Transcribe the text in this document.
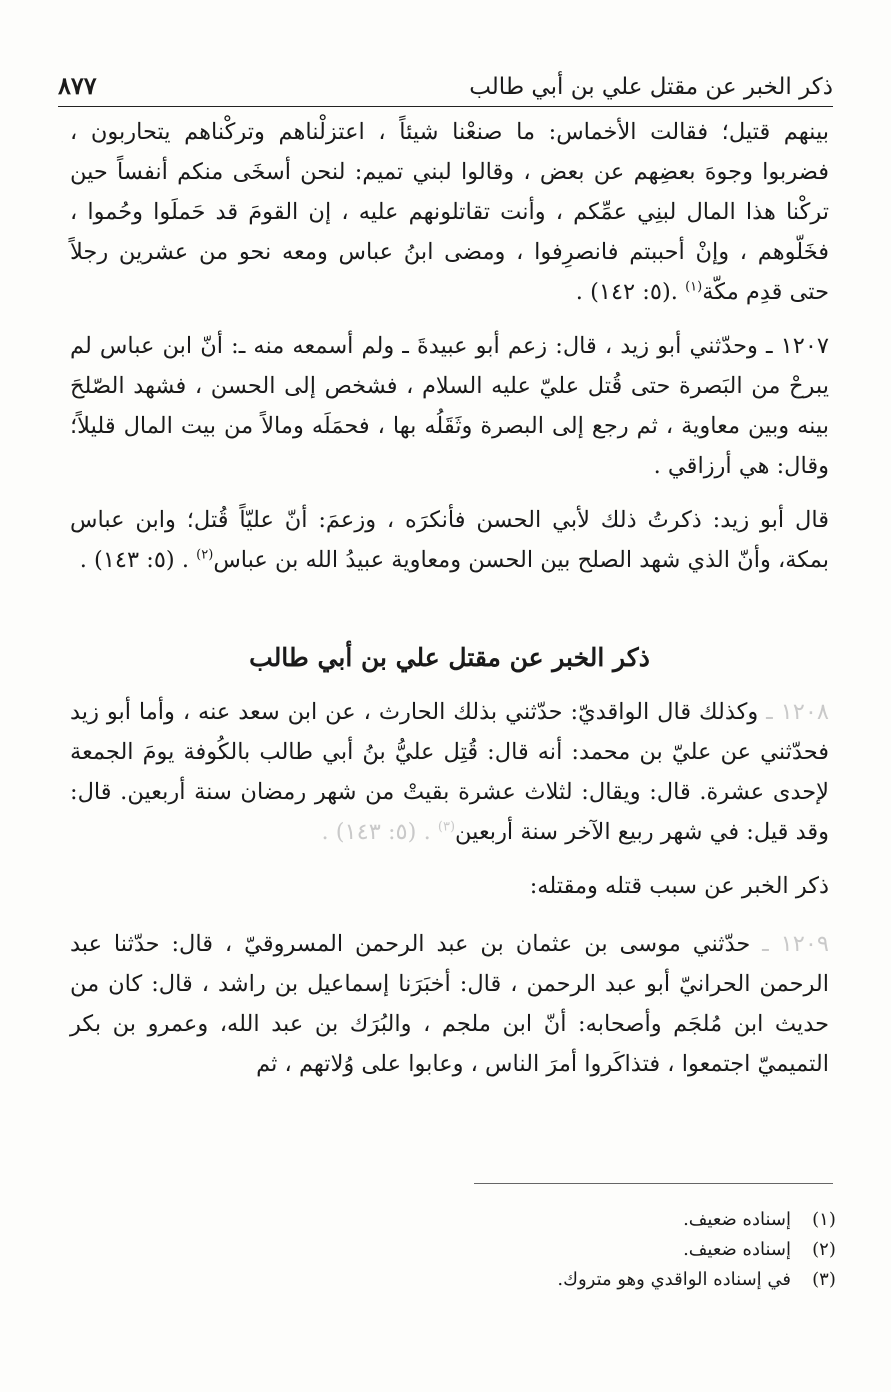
ذكر الخبر عن مقتل علي بن أبي طالب
٨٧٧

بينهم قتيل؛ فقالت الأخماس: ما صنعْنا شيئاً ، اعتزلْناهم وتركْناهم يتحاربون ، فضربوا وجوهَ بعضِهم عن بعض ، وقالوا لبني تميم: لنحن أسخَى منكم أنفساً حين تركْنا هذا المال لبنِي عمِّكم ، وأنت تقاتلونهم عليه ، إن القومَ قد حَملَوا وحُموا ، فخَلّوهم ، وإنْ أحببتم فانصرِفوا ، ومضى ابنُ عباس ومعه نحو من عشرين رجلاً حتى قدِم مكّة$^{(١)}$ .(٥: ١٤٢) .

١٢٠٧ ـ وحدّثني أبو زيد ، قال: زعم أبو عبيدةَ ـ ولم أسمعه منه ـ: أنّ ابن عباس لم يبرحْ من البَصرة حتى قُتل عليّ عليه السلام ، فشخص إلى الحسن ، فشهد الصّلحَ بينه وبين معاوية ، ثم رجع إلى البصرة وثَقَلُه بها ، فحمَلَه ومالاً من بيت المال قليلاً؛ وقال: هي أرزاقي .

قال أبو زيد: ذكرتُ ذلك لأبي الحسن فأنكرَه ، وزعمَ: أنّ عليّاً قُتل؛ وابن عباس بمكة، وأنّ الذي شهد الصلح بين الحسن ومعاوية عبيدُ الله بن عباس$^{(٢)}$ . (٥: ١٤٣) .

ذكر الخبر عن مقتل علي بن أبي طالب

١٢٠٨ ـ وكذلك قال الواقديّ: حدّثني بذلك الحارث ، عن ابن سعد عنه ، وأما أبو زيد فحدّثني عن عليّ بن محمد: أنه قال: قُتِل عليُّ بنُ أبي طالب بالكُوفة يومَ الجمعة لإحدى عشرة. قال: ويقال: لثلاث عشرة بقيتْ من شهر رمضان سنة أربعين. قال: وقد قيل: في شهر ربيع الآخر سنة أربعين$^{(٣)}$ . (٥: ١٤٣) .

ذكر الخبر عن سبب قتله ومقتله:

١٢٠٩ ـ حدّثني موسى بن عثمان بن عبد الرحمن المسروقيّ ، قال: حدّثنا عبد الرحمن الحرانيّ أبو عبد الرحمن ، قال: أخبَرَنا إسماعيل بن راشد ، قال: كان من حديث ابن مُلجَم وأصحابه: أنّ ابن ملجم ، والبُرَك بن عبد الله، وعمرو بن بكر التميميّ اجتمعوا ، فتذاكَروا أمرَ الناس ، وعابوا على وُلاتهم ، ثم

(١)
إسناده ضعيف.
(٢)
إسناده ضعيف.
(٣)
في إسناده الواقدي وهو متروك.
